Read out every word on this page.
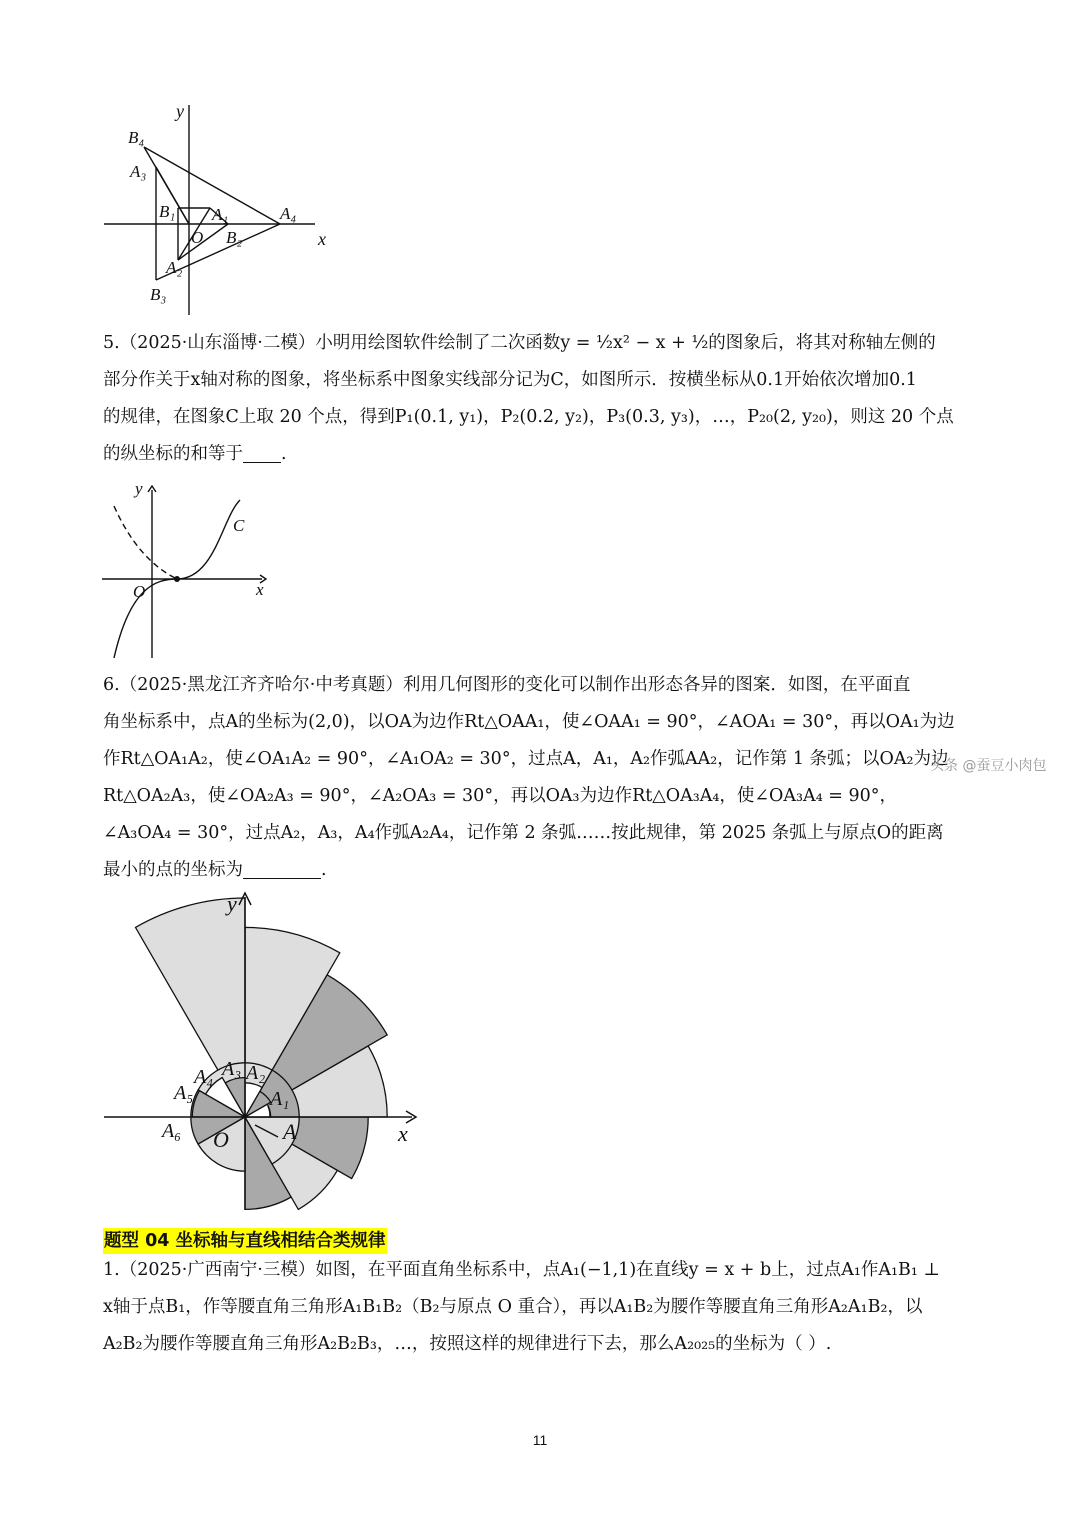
y
x
B₄
A₃
B₁ A₁	A₄
O B₂
A₂
B₃
5.（2025·山东淄博·二模）小明用绘图软件绘制了二次函数y = ½x² − x + ½的图象后，将其对称轴左侧的
部分作关于x轴对称的图象，将坐标系中图象实线部分记为C，如图所示．按横坐标从0.1开始依次增加0.1
的规律，在图象C上取 20 个点，得到P₁(0.1, y₁)，P₂(0.2, y₂)，P₃(0.3, y₃)，…，P₂₀(2, y₂₀)，则这 20 个点
的纵坐标的和等于 .
y
x
O
C
6.（2025·黑龙江齐齐哈尔·中考真题）利用几何图形的变化可以制作出形态各异的图案．如图，在平面直
角坐标系中，点A的坐标为(2,0)，以OA为边作Rt△OAA₁，使∠OAA₁ = 90°，∠AOA₁ = 30°，再以OA₁为边
作Rt△OA₁A₂，使∠OA₁A₂ = 90°，∠A₁OA₂ = 30°，过点A，A₁，A₂作弧AA₂，记作第 1 条弧；以OA₂为边
Rt△OA₂A₃，使∠OA₂A₃ = 90°，∠A₂OA₃ = 30°，再以OA₃为边作Rt△OA₃A₄，使∠OA₃A₄ = 90°，
∠A₃OA₄ = 30°，过点A₂，A₃，A₄作弧A₂A₄，记作第 2 条弧……按此规律，第 2025 条弧上与原点O的距离
最小的点的坐标为	.
头条 @蚕豆小肉包
y
x
O A
A₁
A₂
A₃
A₄
A₅
A₆
题型 04 坐标轴与直线相结合类规律
1.（2025·广西南宁·三模）如图，在平面直角坐标系中，点A₁(−1,1)在直线y = x + b上，过点A₁作A₁B₁ ⊥
x轴于点B₁，作等腰直角三角形A₁B₁B₂（B₂与原点 O 重合），再以A₁B₂为腰作等腰直角三角形A₂A₁B₂，以
A₂B₂为腰作等腰直角三角形A₂B₂B₃，…，按照这样的规律进行下去，那么A₂₀₂₅的坐标为（ ）.
11
